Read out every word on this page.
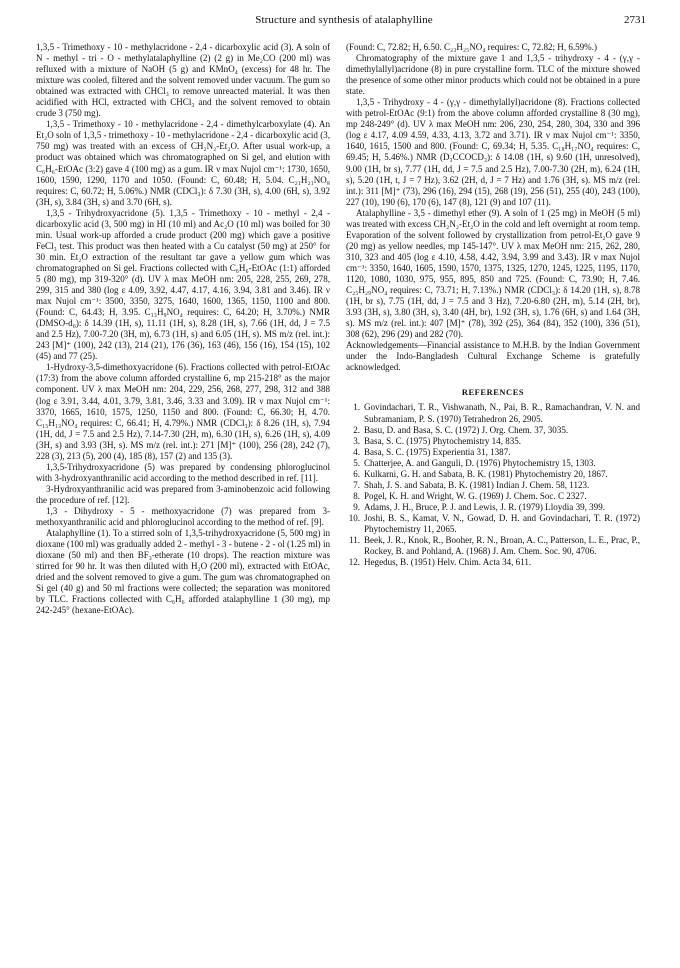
Structure and synthesis of atalaphylline	2731

1,3,5 - Trimethoxy - 10 - methylacridone - 2,4 - dicarboxylic acid (3). A soln of N - methyl - tri - O - methylatalaphylline (2) (2 g) in Me₂CO (200 ml) was refluxed with a mixture of NaOH (5 g) and KMnO₄ (excess) for 48 hr. The mixture was cooled, filtered and the solvent removed under vacuum. The gum so obtained was extracted with CHCl₃ to remove unreacted material. It was then acidified with HCl, extracted with CHCl₃ and the solvent removed to obtain crude 3 (750 mg).

1,3,5 - Trimethoxy - 10 - methylacridone - 2,4 - dimethylcarboxylate (4). An Et₂O soln of 1,3,5 - trimethoxy - 10 - methylacridone - 2,4 - dicarboxylic acid (3, 750 mg) was treated with an excess of CH₂N₂-Et₂O. After usual work-up, a product was obtained which was chromatographed on Si gel, and elution with C₆H₆-EtOAc (3:2) gave 4 (100 mg) as a gum. IR ν max Nujol cm⁻¹: 1730, 1650, 1600, 1590, 1290, 1170 and 1050. (Found: C, 60.48; H, 5.04. C₂₁H₂₁NO₈ requires: C, 60.72; H, 5.06%.) NMR (CDCl₃): δ 7.30 (3H, s), 4.00 (6H, s), 3.92 (3H, s), 3.84 (3H, s) and 3.70 (6H, s).

1,3,5 - Trihydroxyacridone (5). 1,3,5 - Trimethoxy - 10 - methyl - 2,4 - dicarboxylic acid (3, 500 mg) in HI (10 ml) and Ac₂O (10 ml) was boiled for 30 min. Usual work-up afforded a crude product (200 mg) which gave a positive FeCl₃ test. This product was then heated with a Cu catalyst (50 mg) at 250° for 30 min. Et₂O extraction of the resultant tar gave a yellow gum which was chromatographed on Si gel. Fractions collected with C₆H₆-EtOAc (1:1) afforded 5 (80 mg), mp 319-320° (d). UV λ max MeOH nm: 205, 228, 255, 269, 278, 299, 315 and 380 (log ε 4.09, 3.92, 4.47, 4.17, 4.16, 3.94, 3.81 and 3.46). IR ν max Nujol cm⁻¹: 3500, 3350, 3275, 1640, 1600, 1365, 1150, 1100 and 800. (Found: C, 64.43; H, 3.95. C₁₃H₉NO₄ requires: C, 64.20; H, 3.70%.) NMR (DMSO-d₆): δ 14.39 (1H, s), 11.11 (1H, s), 8.28 (1H, s), 7.66 (1H, dd, J = 7.5 and 2.5 Hz), 7.00-7.20 (3H, m), 6.73 (1H, s) and 6.05 (1H, s). MS m/z (rel. int.): 243 [M]⁺ (100), 242 (13), 214 (21), 176 (36), 163 (46), 156 (16), 154 (15), 102 (45) and 77 (25).

1-Hydroxy-3,5-dimethoxyacridone (6). Fractions collected with petrol-EtOAc (17:3) from the above column afforded crystalline 6, mp 215-218° as the major component. UV λ max MeOH nm: 204, 229, 256, 268, 277, 298, 312 and 388 (log ε 3.91, 3.44, 4.01, 3.79, 3.81, 3.46, 3.33 and 3.09). IR ν max Nujol cm⁻¹: 3370, 1665, 1610, 1575, 1250, 1150 and 800. (Found: C, 66.30; H, 4.70. C₁₅H₁₃NO₄ requires: C, 66.41; H, 4.79%.) NMR (CDCl₃): δ 8.26 (1H, s), 7.94 (1H, dd, J = 7.5 and 2.5 Hz), 7.14-7.30 (2H, m), 6.30 (1H, s), 6.26 (1H, s), 4.09 (3H, s) and 3.93 (3H, s). MS m/z (rel. int.): 271 [M]⁺ (100), 256 (28), 242 (7), 228 (3), 213 (5), 200 (4), 185 (8), 157 (2) and 135 (3).

1,3,5-Trihydroxyacridone (5) was prepared by condensing phloroglucinol with 3-hydroxyanthranilic acid according to the method described in ref. [11].

3-Hydroxyanthranilic acid was prepared from 3-aminobenzoic acid following the procedure of ref. [12].

1,3 - Dihydroxy - 5 - methoxyacridone (7) was prepared from 3-methoxyanthranilic acid and phloroglucinol according to the method of ref. [9].

Atalaphylline (1). To a stirred soln of 1,3,5-trihydroxyacridone (5, 500 mg) in dioxane (100 ml) was gradually added 2 - methyl - 3 - butene - 2 - ol (1.25 ml) in dioxane (50 ml) and then BF₃-etherate (10 drops). The reaction mixture was stirred for 90 hr. It was then diluted with H₂O (200 ml), extracted with EtOAc, dried and the solvent removed to give a gum. The gum was chromatographed on Si gel (40 g) and 50 ml fractions were collected; the separation was monitored by TLC. Fractions collected with C₆H₆ afforded atalaphylline 1 (30 mg), mp 242-245° (hexane-EtOAc).

(Found: C, 72.82; H, 6.50. C₂₃H₂₅NO₄ requires: C, 72.82; H, 6.59%.)

Chromatography of the mixture gave 1 and 1,3,5 - trihydroxy - 4 - (γ,γ - dimethylallyl)acridone (8) in pure crystalline form. TLC of the mixture showed the presence of some other minor products which could not be obtained in a pure state.

1,3,5 - Trihydroxy - 4 - (γ,γ - dimethylallyl)acridone (8). Fractions collected with petrol-EtOAc (9:1) from the above column afforded crystalline 8 (30 mg), mp 248-249° (d). UV λ max MeOH nm: 206, 230, 254, 280, 304, 330 and 396 (log ε 4.17, 4.09 4.59, 4.33, 4.13, 3.72 and 3.71). IR ν max Nujol cm⁻¹: 3350, 1640, 1615, 1500 and 800. (Found: C, 69.34; H, 5.35. C₁₈H₁₇NO₄ requires: C, 69.45; H, 5.46%.) NMR (D₃CCOCD₃): δ 14.08 (1H, s) 9.60 (1H, unresolved), 9.00 (1H, br s), 7.77 (1H, dd, J = 7.5 and 2.5 Hz), 7.00-7.30 (2H, m), 6.24 (1H, s), 5.20 (1H, t, J = 7 Hz), 3.62 (2H, d, J = 7 Hz) and 1.76 (3H, s). MS m/z (rel. int.): 311 [M]⁺ (73), 296 (16), 294 (15), 268 (19), 256 (51), 255 (40), 243 (100), 227 (10), 190 (6), 170 (6), 147 (8), 121 (9) and 107 (11).

Atalaphylline - 3,5 - dimethyl ether (9). A soln of 1 (25 mg) in MeOH (5 ml) was treated with excess CH₂N₂-Et₂O in the cold and left overnight at room temp. Evaporation of the solvent followed by crystallization from petrol-Et₂O gave 9 (20 mg) as yellow needles, mp 145-147°. UV λ max MeOH nm: 215, 262, 280, 310, 323 and 405 (log ε 4.10, 4.58, 4.42, 3.94, 3.99 and 3.43). IR ν max Nujol cm⁻¹: 3350, 1640, 1605, 1590, 1570, 1375, 1325, 1270, 1245, 1225, 1195, 1170, 1120, 1080, 1030, 975, 955, 895, 850 and 725. (Found: C, 73.90; H, 7.46. C₂₅H₂₉NO₄ requires: C, 73.71; H, 7.13%.) NMR (CDCl₃): δ 14.20 (1H, s), 8.78 (1H, br s), 7.75 (1H, dd, J = 7.5 and 3 Hz), 7.20-6.80 (2H, m), 5.14 (2H, br), 3.93 (3H, s), 3.80 (3H, s), 3.40 (4H, br), 1.92 (3H, s), 1.76 (6H, s) and 1.64 (3H, s). MS m/z (rel. int.): 407 [M]⁺ (78), 392 (25), 364 (84), 352 (100), 336 (51), 308 (62), 296 (29) and 282 (70).

Acknowledgements—Financial assistance to M.H.B. by the Indian Government under the Indo-Bangladesh Cultural Exchange Scheme is gratefully acknowledged.

REFERENCES
1. Govindachari, T. R., Vishwanath, N., Pai, B. R., Ramachandran, V. N. and Subramaniam, P. S. (1970) Tetrahedron 26, 2905.
2. Basu, D. and Basa, S. C. (1972) J. Org. Chem. 37, 3035.
3. Basa, S. C. (1975) Phytochemistry 14, 835.
4. Basa, S. C. (1975) Experientia 31, 1387.
5. Chatterjee, A. and Ganguli, D. (1976) Phytochemistry 15, 1303.
6. Kulkarni, G. H. and Sabata, B. K. (1981) Phytochemistry 20, 1867.
7. Shah, J. S. and Sabata, B. K. (1981) Indian J. Chem. 58, 1123.
8. Pogel, K. H. and Wright, W. G. (1969) J. Chem. Soc. C 2327.
9. Adams, J. H., Bruce, P. J. and Lewis, J. R. (1979) Lloydia 39, 399.
10. Joshi, B. S., Kamat, V. N., Gowad, D. H. and Govindachari, T. R. (1972) Phytochemistry 11, 2065.
11. Beek, J. R., Knok, R., Booher, R. N., Broan, A. C., Patterson, L. E., Prac, P., Rockey, B. and Pohland, A. (1968) J. Am. Chem. Soc. 90, 4706.
12. Hegedus, B. (1951) Helv. Chim. Acta 34, 611.
